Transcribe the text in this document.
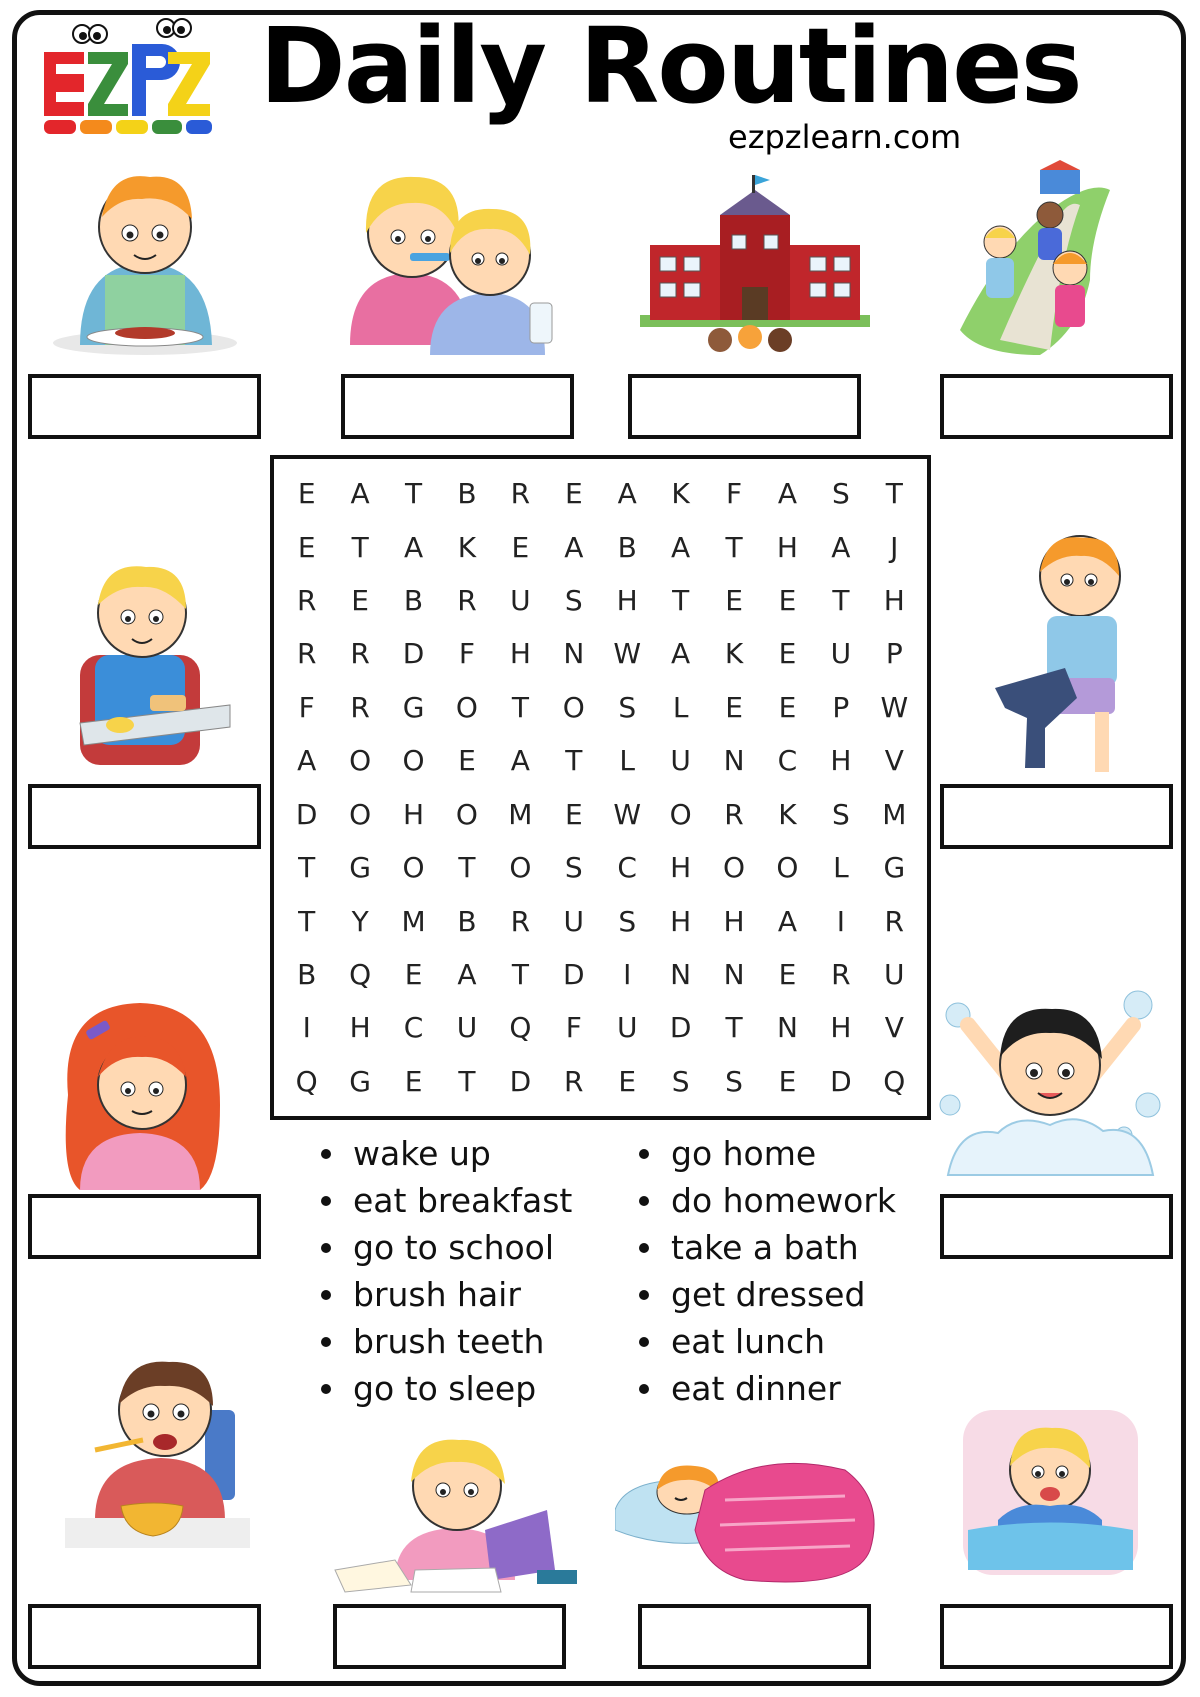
Daily Routines
ezpzlearn.com
E	A	T	B	R	E	A	K	F	A	S	T
E	T	A	K	E	A	B	A	T	H	A	J
R	E	B	R	U	S	H	T	E	E	T	H
R	R	D	F	H	N	W	A	K	E	U	P
F	R	G	O	T	O	S	L	E	E	P	W
A	O	O	E	A	T	L	U	N	C	H	V
D	O	H	O	M	E	W	O	R	K	S	M
T	G	O	T	O	S	C	H	O	O	L	G
T	Y	M	B	R	U	S	H	H	A	I	R
B	Q	E	A	T	D	I	N	N	E	R	U
I	H	C	U	Q	F	U	D	T	N	H	V
Q	G	E	T	D	R	E	S	S	E	D	Q
wake up
eat breakfast
go to school
brush hair
brush teeth
go to sleep
go home
do homework
take a bath
get dressed
eat lunch
eat dinner
